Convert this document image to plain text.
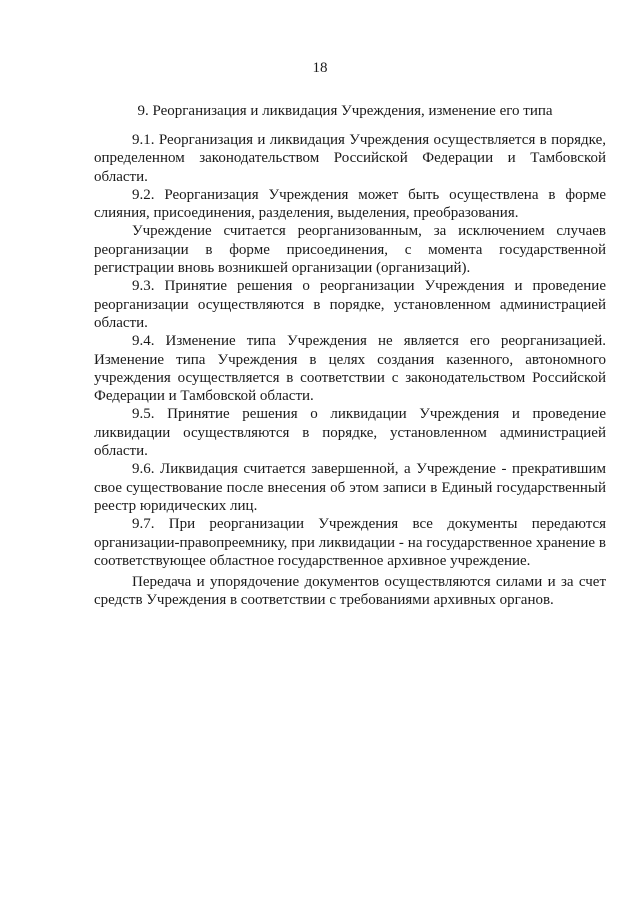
18
9. Реорганизация и ликвидация Учреждения, изменение его типа

9.1. Реорганизация и ликвидация Учреждения осуществляется в порядке, определенном законодательством Российской Федерации и Тамбовской области.

9.2. Реорганизация Учреждения может быть осуществлена в форме слияния, присоединения, разделения, выделения, преобразования.

Учреждение считается реорганизованным, за исключением случаев реорганизации в форме присоединения, с момента государственной регистрации вновь возникшей организации (организаций).

9.3. Принятие решения о реорганизации Учреждения и проведение реорганизации осуществляются в порядке, установленном администрацией области.

9.4. Изменение типа Учреждения не является его реорганизацией. Изменение типа Учреждения в целях создания казенного, автономного учреждения осуществляется в соответствии с законодательством Российской Федерации и Тамбовской области.

9.5. Принятие решения о ликвидации Учреждения и проведение ликвидации осуществляются в порядке, установленном администрацией области.

9.6. Ликвидация считается завершенной, а Учреждение - прекратившим свое существование после внесения об этом записи в Единый государственный реестр юридических лиц.

9.7. При реорганизации Учреждения все документы передаются организации-правопреемнику, при ликвидации - на государственное хранение в соответствующее областное государственное архивное учреждение.

Передача и упорядочение документов осуществляются силами и за счет средств Учреждения в соответствии с требованиями архивных органов.
